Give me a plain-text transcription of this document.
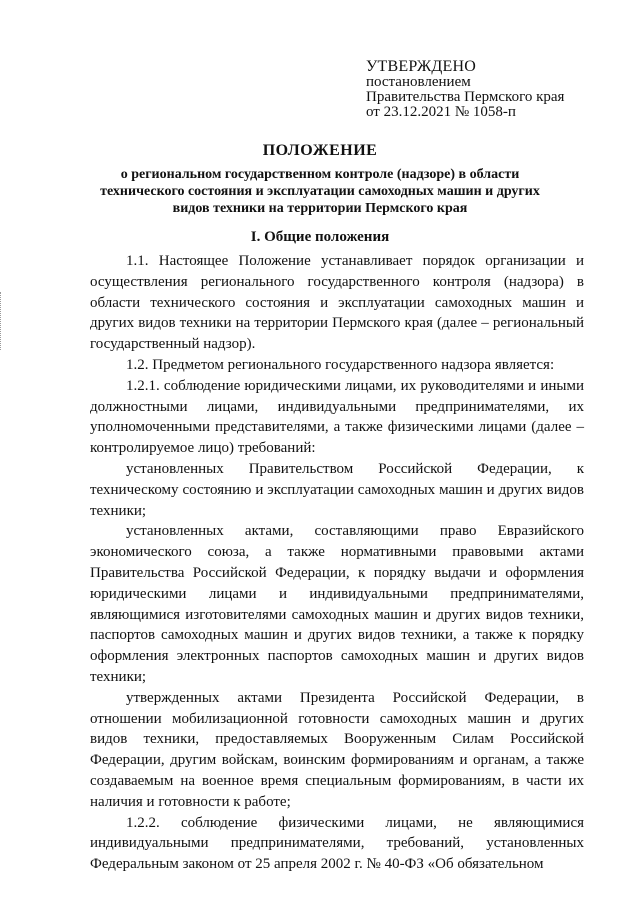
УТВЕРЖДЕНО
постановлением
Правительства Пермского края
от 23.12.2021 № 1058-п
ПОЛОЖЕНИЕ
о региональном государственном контроле (надзоре) в области
технического состояния и эксплуатации самоходных машин и других
видов техники на территории Пермского края
I. Общие положения

1.1. Настоящее Положение устанавливает порядок организации и осуществления регионального государственного контроля (надзора) в области технического состояния и эксплуатации самоходных машин и других видов техники на территории Пермского края (далее – региональный государственный надзор).

1.2. Предметом регионального государственного надзора является:

1.2.1. соблюдение юридическими лицами, их руководителями и иными должностными лицами, индивидуальными предпринимателями, их уполномоченными представителями, а также физическими лицами (далее – контролируемое лицо) требований:

установленных Правительством Российской Федерации, к техническому состоянию и эксплуатации самоходных машин и других видов техники;

установленных актами, составляющими право Евразийского экономического союза, а также нормативными правовыми актами Правительства Российской Федерации, к порядку выдачи и оформления юридическими лицами и индивидуальными предпринимателями, являющимися изготовителями самоходных машин и других видов техники, паспортов самоходных машин и других видов техники, а также к порядку оформления электронных паспортов самоходных машин и других видов техники;

утвержденных актами Президента Российской Федерации, в отношении мобилизационной готовности самоходных машин и других видов техники, предоставляемых Вооруженным Силам Российской Федерации, другим войскам, воинским формированиям и органам, а также создаваемым на военное время специальным формированиям, в части их наличия и готовности к работе;

1.2.2. соблюдение физическими лицами, не являющимися индивидуальными предпринимателями, требований, установленных Федеральным законом от 25 апреля 2002 г. № 40-ФЗ «Об обязательном
